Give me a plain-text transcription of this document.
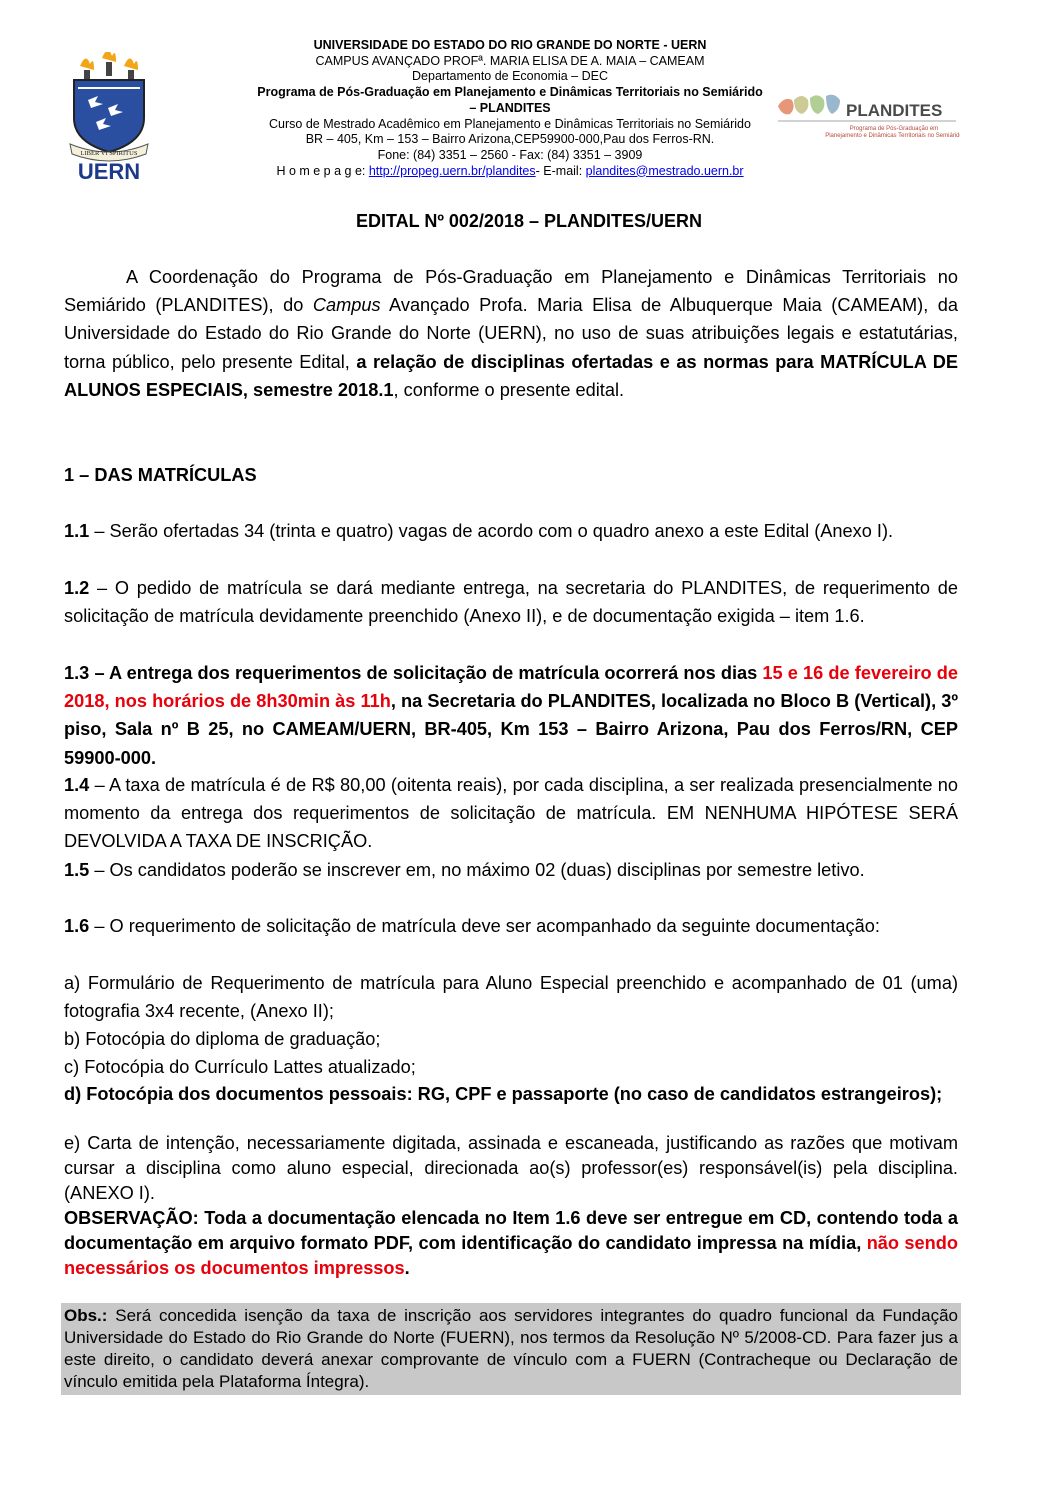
LIBER VI SPIRITUS
UERN
PLANDITES
Programa de Pós-Graduação em
Planejamento e Dinâmicas Territoriais no Semiárido
UNIVERSIDADE DO ESTADO DO RIO GRANDE DO NORTE - UERN
CAMPUS AVANÇADO PROFª. MARIA ELISA DE A. MAIA – CAMEAM
Departamento de Economia – DEC
Programa de Pós-Graduação em Planejamento e Dinâmicas Territoriais no Semiárido
– PLANDITES
Curso de Mestrado Acadêmico em Planejamento e Dinâmicas Territoriais no Semiárido
BR – 405, Km – 153 – Bairro Arizona,CEP59900-000,Pau dos Ferros-RN.
Fone: (84) 3351 – 2560 - Fax: (84) 3351 – 3909
H o m e p a g e: http://propeg.uern.br/plandites- E-mail: plandites@mestrado.uern.br
EDITAL Nº 002/2018 – PLANDITES/UERN
A Coordenação do Programa de Pós-Graduação em Planejamento e Dinâmicas Territoriais no Semiárido (PLANDITES), do Campus Avançado Profa. Maria Elisa de Albuquerque Maia (CAMEAM), da Universidade do Estado do Rio Grande do Norte (UERN), no uso de suas atribuições legais e estatutárias, torna público, pelo presente Edital, a relação de disciplinas ofertadas e as normas para MATRÍCULA DE ALUNOS ESPECIAIS, semestre 2018.1, conforme o presente edital.
1 – DAS MATRÍCULAS
1.1 – Serão ofertadas 34 (trinta e quatro) vagas de acordo com o quadro anexo a este Edital (Anexo I).
1.2 – O pedido de matrícula se dará mediante entrega, na secretaria do PLANDITES, de requerimento de solicitação de matrícula devidamente preenchido (Anexo II), e de documentação exigida – item 1.6.
1.3 – A entrega dos requerimentos de solicitação de matrícula ocorrerá nos dias 15 e 16 de fevereiro de 2018, nos horários de 8h30min às 11h, na Secretaria do PLANDITES, localizada no Bloco B (Vertical), 3º piso, Sala nº B 25, no CAMEAM/UERN, BR-405, Km 153 – Bairro Arizona, Pau dos Ferros/RN, CEP 59900-000.
1.4 – A taxa de matrícula é de R$ 80,00 (oitenta reais), por cada disciplina, a ser realizada presencialmente no momento da entrega dos requerimentos de solicitação de matrícula. EM NENHUMA HIPÓTESE SERÁ DEVOLVIDA A TAXA DE INSCRIÇÃO.
1.5 – Os candidatos poderão se inscrever em, no máximo 02 (duas) disciplinas por semestre letivo.
1.6 – O requerimento de solicitação de matrícula deve ser acompanhado da seguinte documentação:
a) Formulário de Requerimento de matrícula para Aluno Especial preenchido e acompanhado de 01 (uma) fotografia 3x4 recente, (Anexo II);
b) Fotocópia do diploma de graduação;
c) Fotocópia do Currículo Lattes atualizado;
d) Fotocópia dos documentos pessoais: RG, CPF e passaporte (no caso de candidatos estrangeiros);
e) Carta de intenção, necessariamente digitada, assinada e escaneada, justificando as razões que motivam cursar a disciplina como aluno especial, direcionada ao(s) professor(es) responsável(is) pela disciplina. (ANEXO I).
OBSERVAÇÃO: Toda a documentação elencada no Item 1.6 deve ser entregue em CD, contendo toda a documentação em arquivo formato PDF, com identificação do candidato impressa na mídia, não sendo necessários os documentos impressos.
Obs.: Será concedida isenção da taxa de inscrição aos servidores integrantes do quadro funcional da Fundação Universidade do Estado do Rio Grande do Norte (FUERN), nos termos da Resolução Nº 5/2008-CD. Para fazer jus a este direito, o candidato deverá anexar comprovante de vínculo com a FUERN (Contracheque ou Declaração de vínculo emitida pela Plataforma Íntegra).
